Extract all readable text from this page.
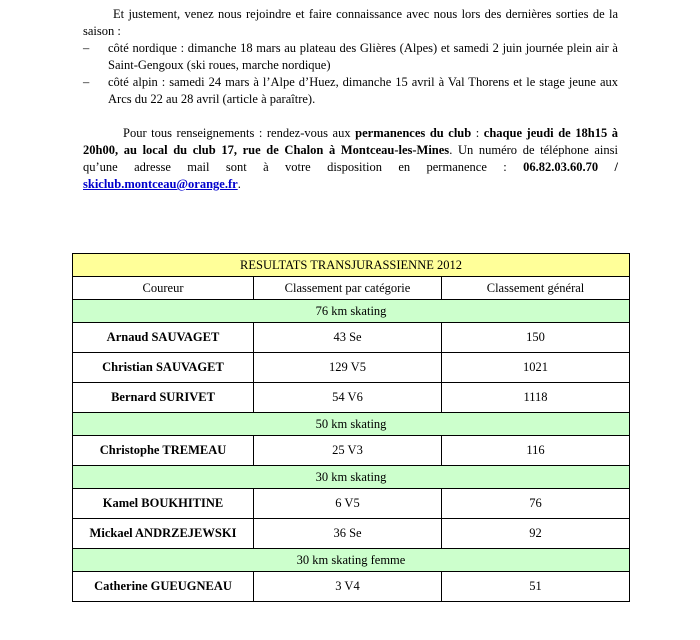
Et justement, venez nous rejoindre et faire connaissance avec nous lors des dernières sorties de la saison :

– côté nordique : dimanche 18 mars au plateau des Glières (Alpes) et samedi 2 juin journée plein air à Saint-Gengoux (ski roues, marche nordique)
– côté alpin : samedi 24 mars à l’Alpe d’Huez, dimanche 15 avril à Val Thorens et le stage jeune aux Arcs du 22 au 28 avril (article à paraître).

Pour tous renseignements : rendez-vous aux permanences du club : chaque jeudi de 18h15 à 20h00, au local du club 17, rue de Chalon à Montceau-les-Mines. Un numéro de téléphone ainsi qu’une adresse mail sont à votre disposition en permanence : 06.82.03.60.70 / skiclub.montceau@orange.fr.

RESULTATS TRANSJURASSIENNE 2012		
Coureur	Classement par catégorie	Classement général
76 km skating		
Arnaud SAUVAGET	43 Se	150
Christian SAUVAGET	129 V5	1021
Bernard SURIVET	54 V6	1118
50 km skating		
Christophe TREMEAU	25 V3	116
30 km skating		
Kamel BOUKHITINE	6 V5	76
Mickael ANDRZEJEWSKI	36 Se	92
30 km skating femme		
Catherine GUEUGNEAU	3 V4	51
